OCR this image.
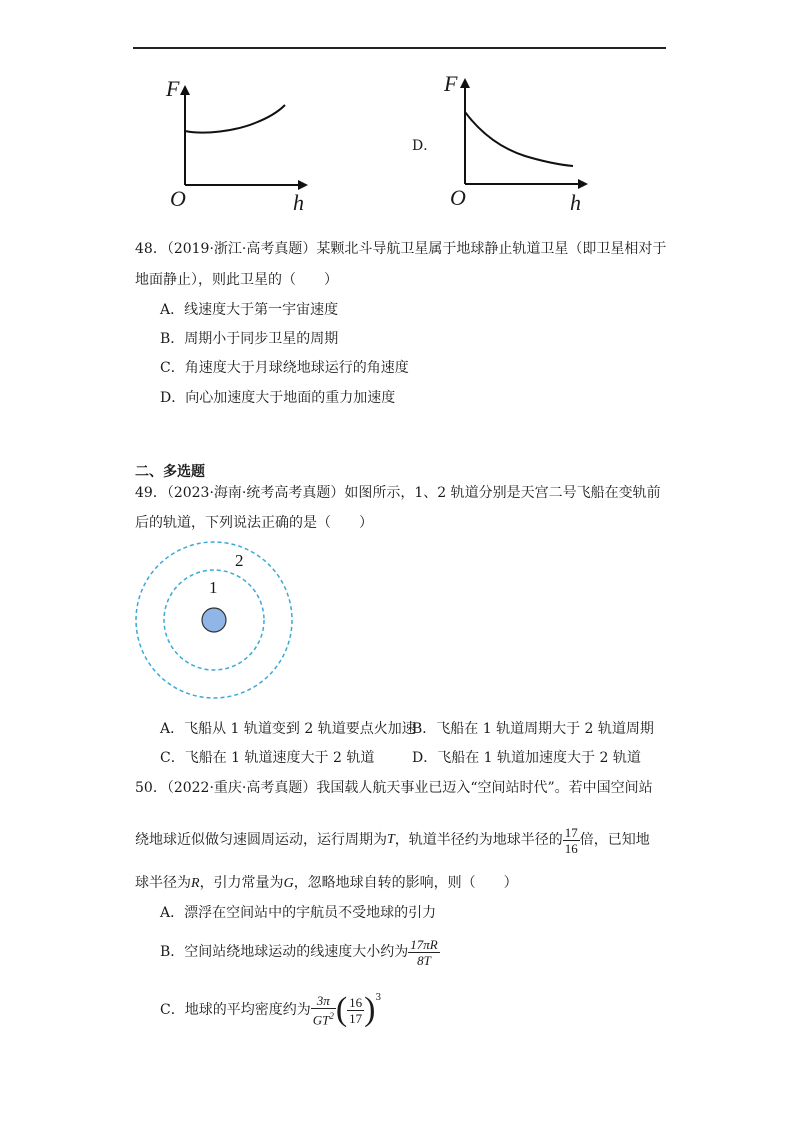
F
O	h
D．
F
O	h
48．（2019·浙江·高考真题）某颗北斗导航卫星属于地球静止轨道卫星（即卫星相对于
地面静止），则此卫星的（　　）
A．线速度大于第一宇宙速度
B．周期小于同步卫星的周期
C．角速度大于月球绕地球运行的角速度
D．向心加速度大于地面的重力加速度
二、多选题
49．（2023·海南·统考高考真题）如图所示，1、2 轨道分别是天宫二号飞船在变轨前
后的轨道，下列说法正确的是（　　）
2
1
A．飞船从 1 轨道变到 2 轨道要点火加速
B．飞船在 1 轨道周期大于 2 轨道周期
C．飞船在 1 轨道速度大于 2 轨道	D．飞船在 1 轨道加速度大于 2 轨道
50．（2022·重庆·高考真题）我国载人航天事业已迈入“空间站时代”。若中国空间站
绕地球近似做匀速圆周运动，运行周期为 T ，轨道半径约为地球半径的 $\frac{17}{16}$ 倍，已知地
球半径为R，引力常量为G，忽略地球自转的影响，则（　　）
A．漂浮在空间站中的宇航员不受地球的引力
B．空间站绕地球运动的线速度大小约为 $\frac{17\pi R}{8T}$
C．地球的平均密度约为 $\frac{3\pi}{GT^2}$ ( $\frac{16}{17} )^3$
